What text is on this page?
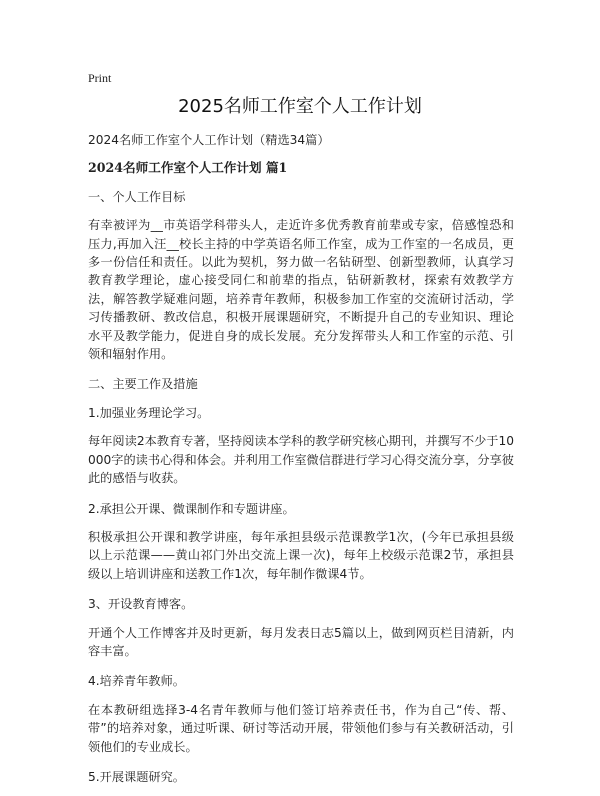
Print
2025名师工作室个人工作计划

2024名师工作室个人工作计划（精选34篇）

2024名师工作室个人工作计划 篇1

一、个人工作目标

有幸被评为__市英语学科带头人，走近许多优秀教育前辈或专家，倍感惶恐和压力,再加入汪__校长主持的中学英语名师工作室，成为工作室的一名成员，更多一份信任和责任。以此为契机，努力做一名钻研型、创新型教师，认真学习教育教学理论，虚心接受同仁和前辈的指点，钻研新教材，探索有效教学方法，解答教学疑难问题，培养青年教师，积极参加工作室的交流研讨活动，学习传播教研、教改信息，积极开展课题研究，不断提升自己的专业知识、理论水平及教学能力，促进自身的成长发展。充分发挥带头人和工作室的示范、引领和辐射作用。

二、主要工作及措施

1.加强业务理论学习。

每年阅读2本教育专著，坚持阅读本学科的教学研究核心期刊，并撰写不少于10000字的读书心得和体会。并利用工作室微信群进行学习心得交流分享，分享彼此的感悟与收获。

2.承担公开课、微课制作和专题讲座。

积极承担公开课和教学讲座，每年承担县级示范课教学1次，(今年已承担县级以上示范课——黄山祁门外出交流上课一次)，每年上校级示范课2节，承担县级以上培训讲座和送教工作1次，每年制作微课4节。

3、开设教育博客。

开通个人工作博客并及时更新，每月发表日志5篇以上，做到网页栏目清新，内容丰富。

4.培养青年教师。

在本教研组选择3-4名青年教师与他们签订培养责任书，作为自己“传、帮、带”的培养对象，通过听课、研讨等活动开展，带领他们参与有关教研活动，引领他们的专业成长。

5.开展课题研究。
